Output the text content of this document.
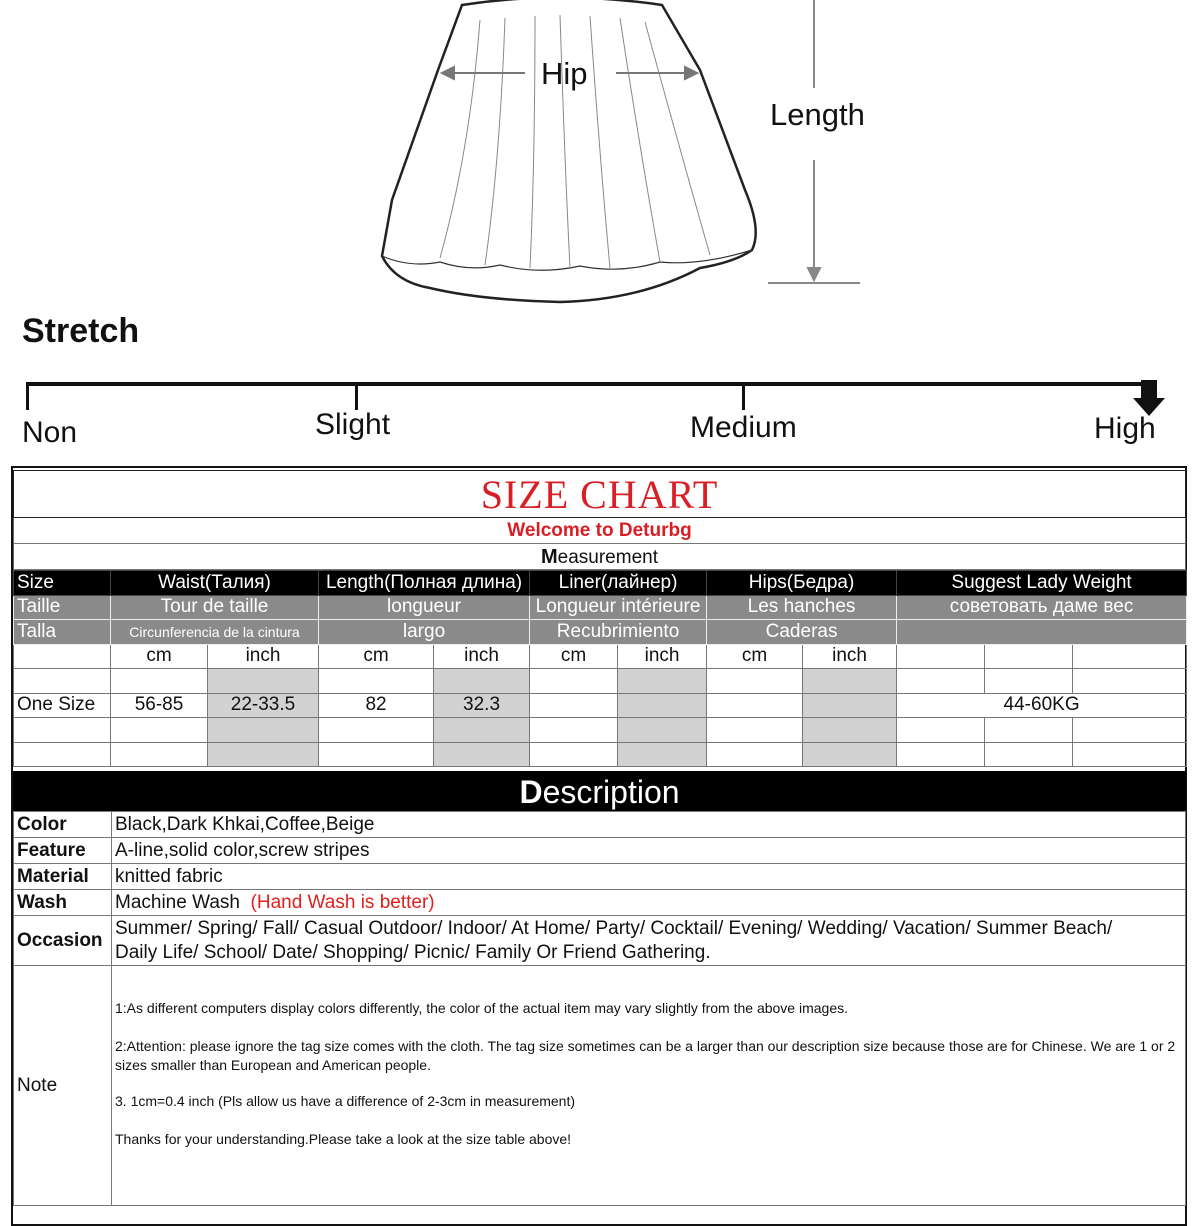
Hip
Length
Stretch
Non	Slight	Medium	High
SIZE CHART
Welcome to Deturbg
Measurement
Size	Waist(Талия)		Length(Полная длина)		Liner(лайнер)		Hips(Бедра)		Suggest Lady Weight		
Taille	Tour de taille		longueur		Longueur intérieure		Les hanches		советовать даме вес		
Talla	Circunferencia de la cintura		largo		Recubrimiento		Caderas				
	cm	inch	cm	inch	cm	inch	cm	inch			

One Size	56-85	22-33.5	82	32.3					44-60KG		

Description
Color	Black,Dark Khkai,Coffee,Beige
Feature	A-line,solid color,screw stripes
Material	knitted fabric
Wash	Machine Wash (Hand Wash is better)
Occasion	Summer/ Spring/ Fall/ Casual Outdoor/ Indoor/ At Home/ Party/ Cocktail/ Evening/ Wedding/ Vacation/ Summer Beach/
Daily Life/ School/ Date/ Shopping/ Picnic/ Family Or Friend Gathering.

Note	1:As different computers display colors differently, the color of the actual item may vary slightly from the above images.

2:Attention: please ignore the tag size comes with the cloth. The tag size sometimes can be a larger than our description size because those are for Chinese. We are 1 or 2 sizes smaller than European and American people.

3. 1cm=0.4 inch (Pls allow us have a difference of 2-3cm in measurement)

Thanks for your understanding.Please take a look at the size table above!
